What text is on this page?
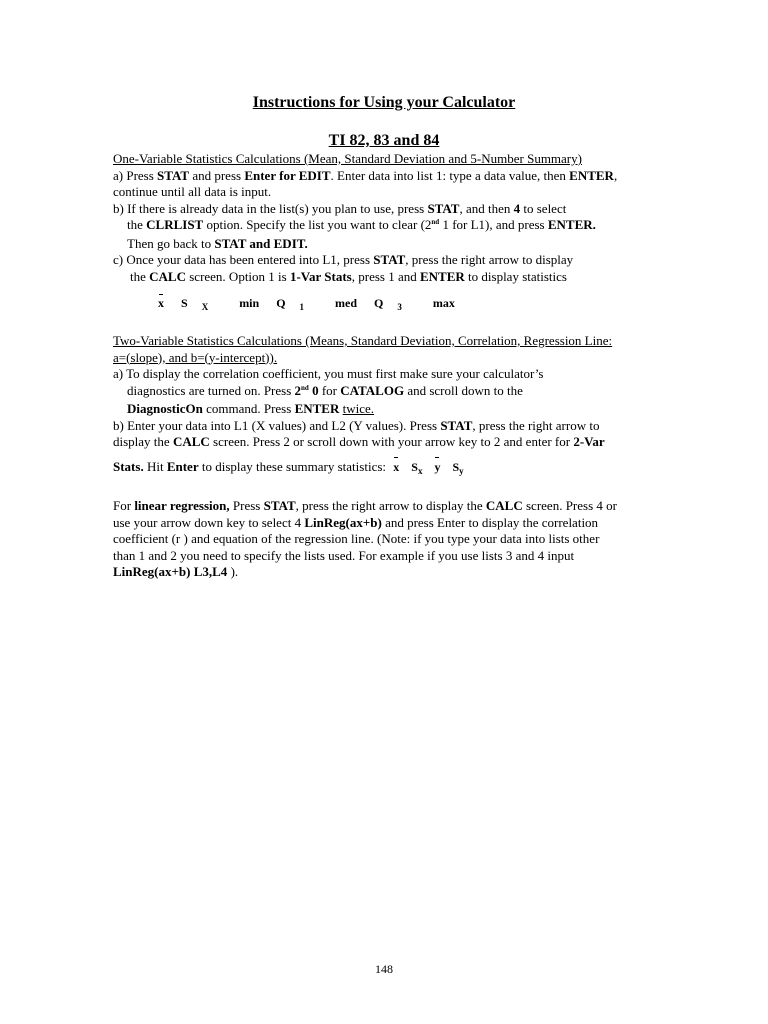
Instructions for Using your Calculator
TI 82, 83 and 84
One-Variable Statistics Calculations (Mean, Standard Deviation and 5-Number Summary)
a) Press STAT and press Enter for EDIT. Enter data into list 1: type a data value, then ENTER,
continue until all data is input.
b) If there is already data in the list(s) you plan to use, press STAT, and then 4 to select
the CLRLIST option. Specify the list you want to clear (2nd 1 for L1), and press ENTER.
Then go back to STAT and EDIT.
c) Once your data has been entered into L1, press STAT, press the right arrow to display
the CALC screen. Option 1 is 1-Var Stats, press 1 and ENTER to display statistics
x S X	min Q 1	med Q 3	max
Two-Variable Statistics Calculations (Means, Standard Deviation, Correlation, Regression Line:
a=(slope), and b=(y-intercept)).
a) To display the correlation coefficient, you must first make sure your calculator’s
diagnostics are turned on. Press 2nd 0 for CATALOG and scroll down to the
DiagnosticOn command. Press ENTER twice.
b) Enter your data into L1 (X values) and L2 (Y values). Press STAT, press the right arrow to
display the CALC screen. Press 2 or scroll down with your arrow key to 2 and enter for 2-Var
Stats. Hit Enter to display these summary statistics: x $S_x$ y $S_y$
For linear regression, Press STAT, press the right arrow to display the CALC screen. Press 4 or
use your arrow down key to select 4 LinReg(ax+b) and press Enter to display the correlation
coefficient (r ) and equation of the regression line. (Note: if you type your data into lists other
than 1 and 2 you need to specify the lists used. For example if you use lists 3 and 4 input
LinReg(ax+b) L3,L4 ).
148
